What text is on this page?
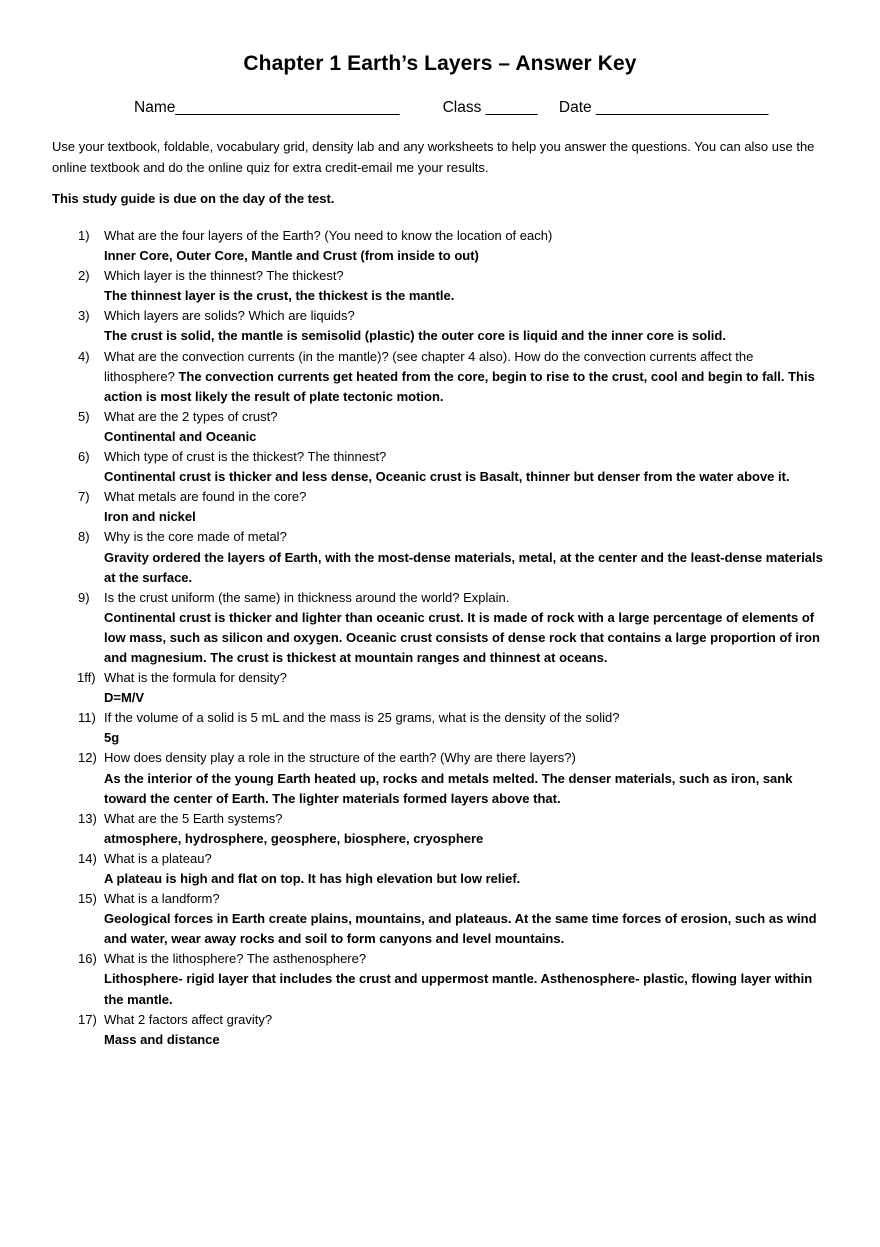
Chapter 1 Earth’s Layers – Answer Key
Name__________________________	Class ______ Date ____________________
Use your textbook, foldable, vocabulary grid, density lab and any worksheets to help you answer the questions. You can also use the online textbook and do the online quiz for extra credit-email me your results.
This study guide is due on the day of the test.
1) What are the four layers of the Earth? (You need to know the location of each)
Inner Core, Outer Core, Mantle and Crust (from inside to out)
2) Which layer is the thinnest? The thickest?
The thinnest layer is the crust, the thickest is the mantle.
3) Which layers are solids? Which are liquids?
The crust is solid, the mantle is semisolid (plastic) the outer core is liquid and the inner core is solid.
4) What are the convection currents (in the mantle)? (see chapter 4 also). How do the convection currents affect the lithosphere? The convection currents get heated from the core, begin to rise to the crust, cool and begin to fall. This action is most likely the result of plate tectonic motion.
5) What are the 2 types of crust?
Continental and Oceanic
6) Which type of crust is the thickest? The thinnest?
Continental crust is thicker and less dense, Oceanic crust is Basalt, thinner but denser from the water above it.
7) What metals are found in the core?
Iron and nickel
8) Why is the core made of metal?
Gravity ordered the layers of Earth, with the most-dense materials, metal, at the center and the least-dense materials at the surface.
9) Is the crust uniform (the same) in thickness around the world? Explain.
Continental crust is thicker and lighter than oceanic crust. It is made of rock with a large percentage of elements of low mass, such as silicon and oxygen. Oceanic crust consists of dense rock that contains a large proportion of iron and magnesium. The crust is thickest at mountain ranges and thinnest at oceans.
1ff) What is the formula for density?
D=M/V
11) If the volume of a solid is 5 mL and the mass is 25 grams, what is the density of the solid?
5g
12) How does density play a role in the structure of the earth? (Why are there layers?)
As the interior of the young Earth heated up, rocks and metals melted. The denser materials, such as iron, sank toward the center of Earth. The lighter materials formed layers above that.
13) What are the 5 Earth systems?
atmosphere, hydrosphere, geosphere, biosphere, cryosphere
14) What is a plateau?
A plateau is high and flat on top. It has high elevation but low relief.
15) What is a landform?
Geological forces in Earth create plains, mountains, and plateaus. At the same time forces of erosion, such as wind and water, wear away rocks and soil to form canyons and level mountains.
16) What is the lithosphere? The asthenosphere?
Lithosphere- rigid layer that includes the crust and uppermost mantle. Asthenosphere- plastic, flowing layer within the mantle.
17) What 2 factors affect gravity?
Mass and distance
